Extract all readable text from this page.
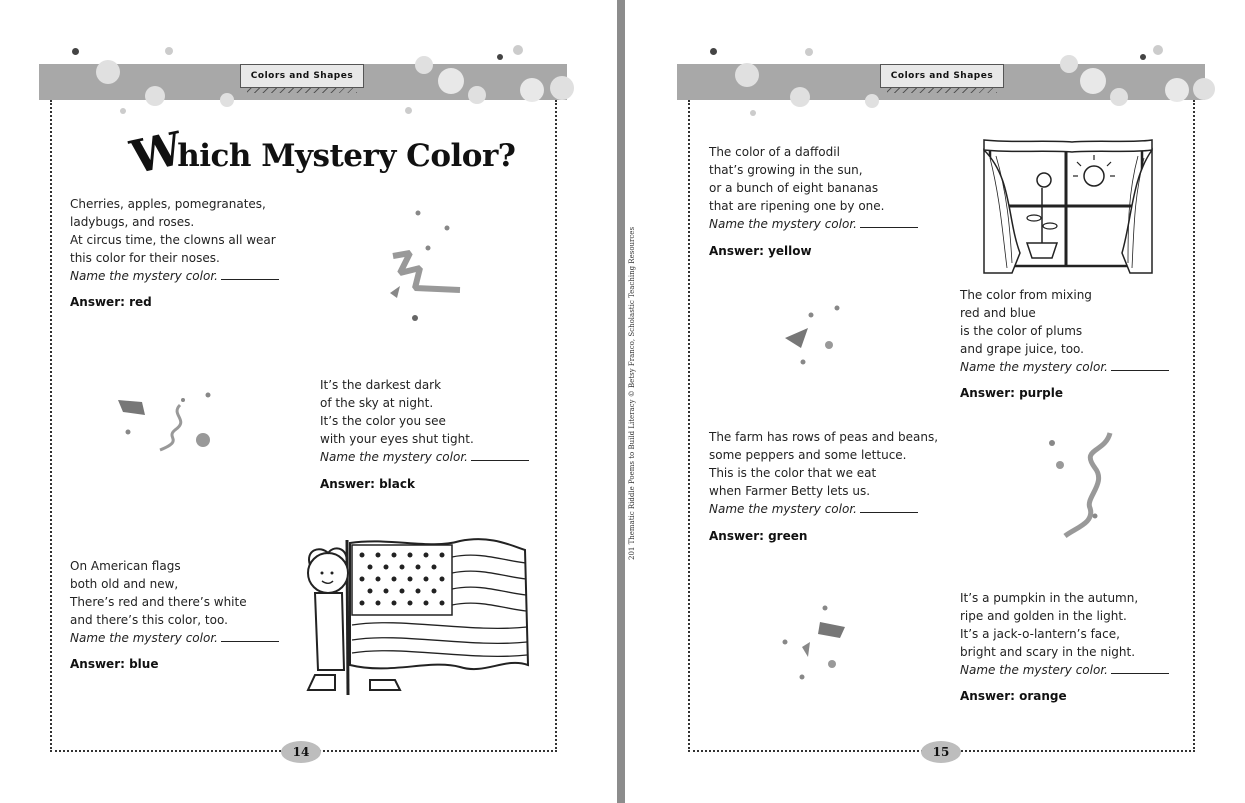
Colors and Shapes
Which Mystery Color?
Cherries, apples, pomegranates,
ladybugs, and roses.
At circus time, the clowns all wear
this color for their noses.
Name the mystery color.
Answer: red
It’s the darkest dark
of the sky at night.
It’s the color you see
with your eyes shut tight.
Name the mystery color.
Answer: black
On American flags
both old and new,
There’s red and there’s white
and there’s this color, too.
Name the mystery color.
Answer: blue
14
Colors and Shapes
The color of a daffodil
that’s growing in the sun,
or a bunch of eight bananas
that are ripening one by one.
Name the mystery color.
Answer: yellow
The color from mixing
red and blue
is the color of plums
and grape juice, too.
Name the mystery color.
Answer: purple
The farm has rows of peas and beans,
some peppers and some lettuce.
This is the color that we eat
when Farmer Betty lets us.
Name the mystery color.
Answer: green
It’s a pumpkin in the autumn,
ripe and golden in the light.
It’s a jack-o-lantern’s face,
bright and scary in the night.
Name the mystery color.
Answer: orange
15
201 Thematic Riddle Poems to Build Literacy © Betsy Franco, Scholastic Teaching Resources
